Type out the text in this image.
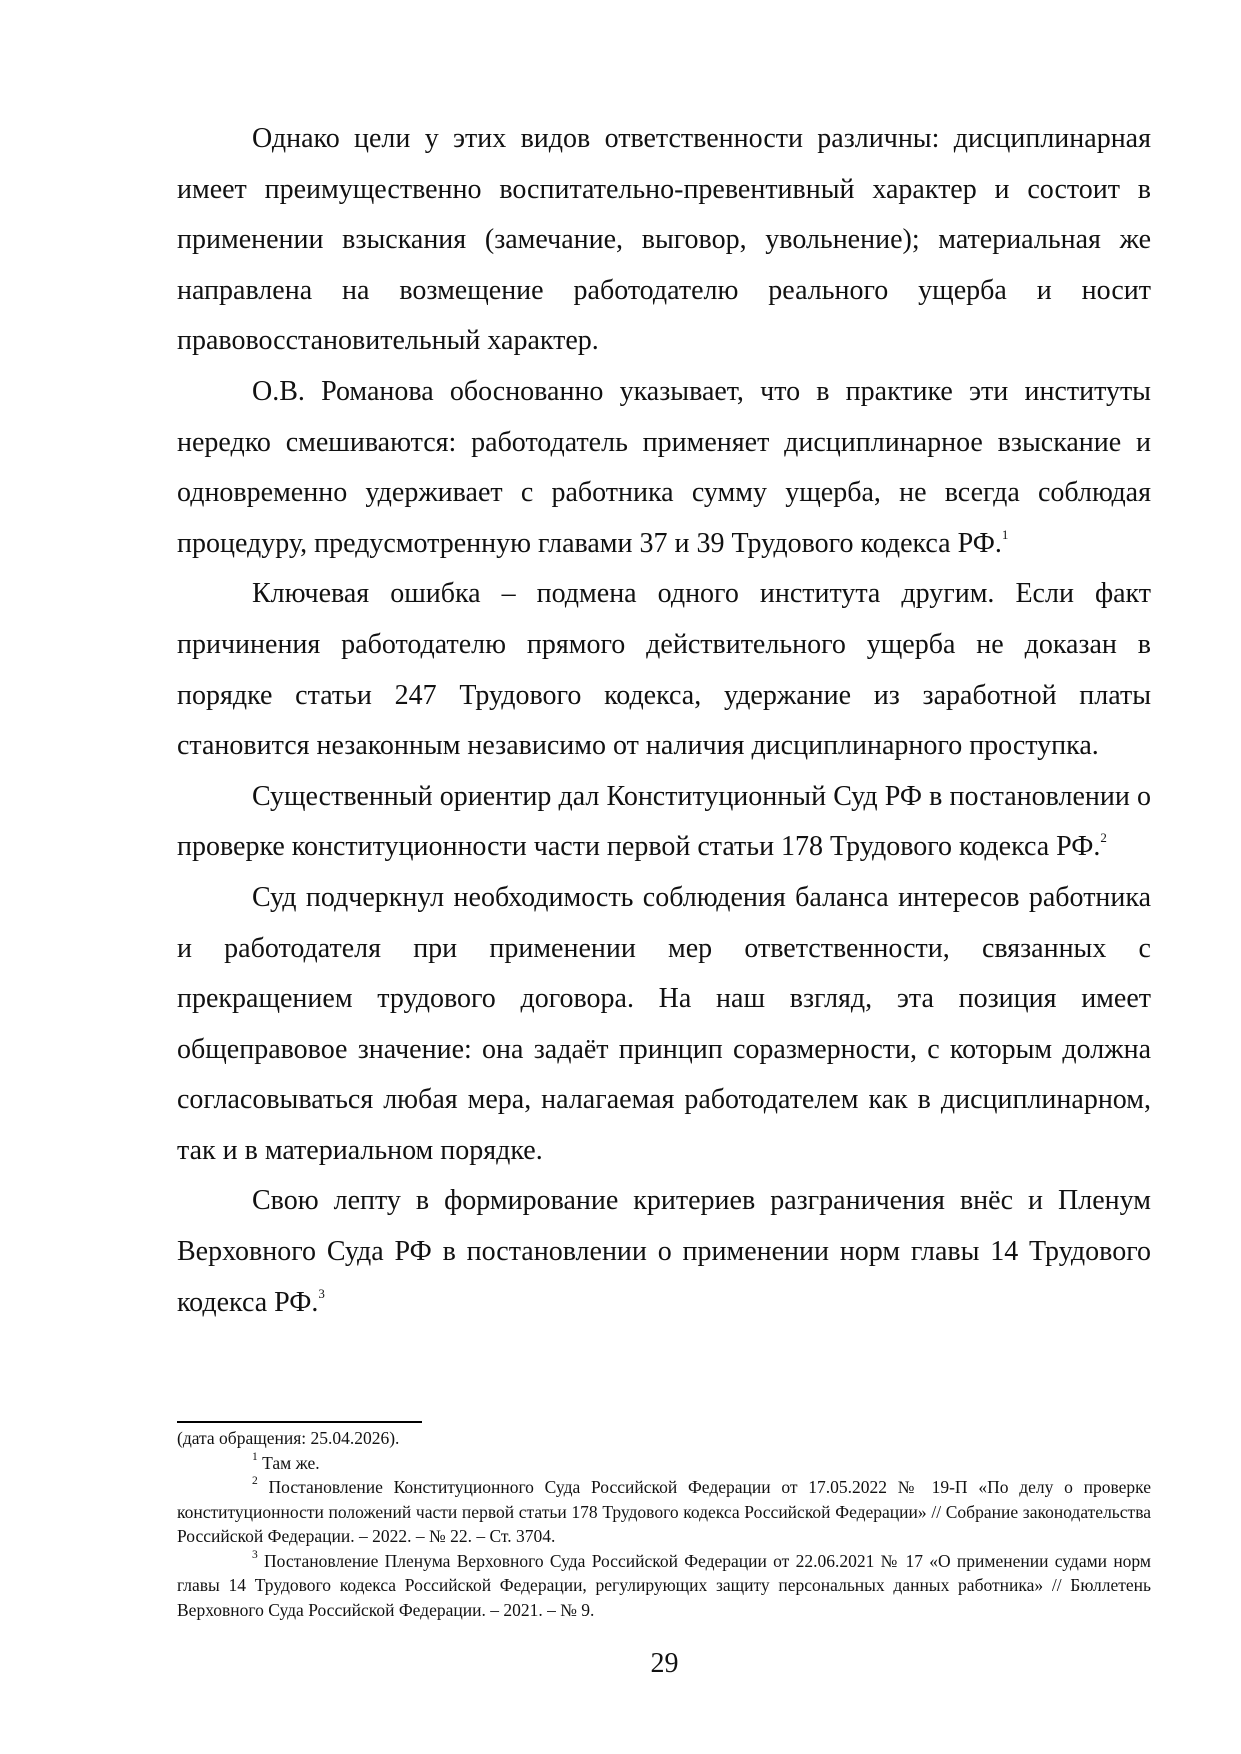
Однако цели у этих видов ответственности различны: дисциплинарная имеет преимущественно воспитательно-превентивный характер и состоит в применении взыскания (замечание, выговор, увольнение); материальная же направлена на возмещение работодателю реального ущерба и носит правовосстановительный характер.

О.В. Романова обоснованно указывает, что в практике эти институты нередко смешиваются: работодатель применяет дисциплинарное взыскание и одновременно удерживает с работника сумму ущерба, не всегда соблюдая процедуру, предусмотренную главами 37 и 39 Трудового кодекса РФ.$^1$

Ключевая ошибка – подмена одного института другим. Если факт причинения работодателю прямого действительного ущерба не доказан в порядке статьи 247 Трудового кодекса, удержание из заработной платы становится незаконным независимо от наличия дисциплинарного проступка.

Существенный ориентир дал Конституционный Суд РФ в постановлении о проверке конституционности части первой статьи 178 Трудового кодекса РФ.$^2$

Суд подчеркнул необходимость соблюдения баланса интересов работника и работодателя при применении мер ответственности, связанных с прекращением трудового договора. На наш взгляд, эта позиция имеет общеправовое значение: она задаёт принцип соразмерности, с которым должна согласовываться любая мера, налагаемая работодателем как в дисциплинарном, так и в материальном порядке.

Свою лепту в формирование критериев разграничения внёс и Пленум Верховного Суда РФ в постановлении о применении норм главы 14 Трудового кодекса РФ.$^3$

(дата обращения: 25.04.2026).

$^1$ Там же.

$^2$ Постановление Конституционного Суда Российской Федерации от 17.05.2022 № 19-П «По делу о проверке конституционности положений части первой статьи 178 Трудового кодекса Российской Федерации» // Собрание законодательства Российской Федерации. – 2022. – № 22. – Ст. 3704.

$^3$ Постановление Пленума Верховного Суда Российской Федерации от 22.06.2021 № 17 «О применении судами норм главы 14 Трудового кодекса Российской Федерации, регулирующих защиту персональных данных работника» // Бюллетень Верховного Суда Российской Федерации. – 2021. – № 9.

29
